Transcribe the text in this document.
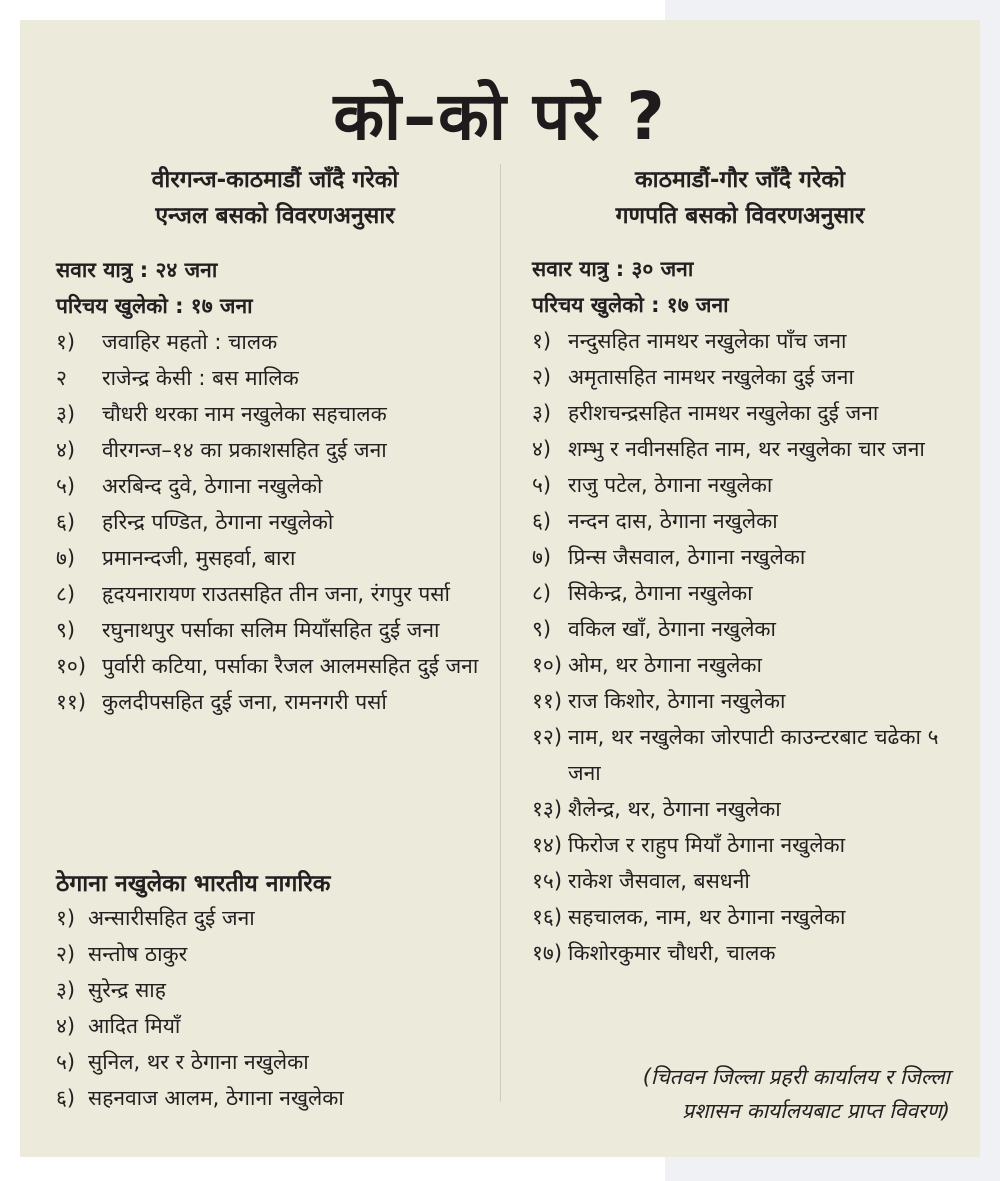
को–को परे ?
वीरगन्ज-काठमाडौं जाँदै गरेको
एन्जल बसको विवरणअनुसार
सवार यात्रु : २४ जना
परिचय खुलेको : १७ जना
१) जवाहिर महतो : चालक
२ राजेन्द्र केसी : बस मालिक
३) चौधरी थरका नाम नखुलेका सहचालक
४) वीरगन्ज–१४ का प्रकाशसहित दुई जना
५) अरबिन्द दुवे, ठेगाना नखुलेको
६) हरिन्द्र पण्डित, ठेगाना नखुलेको
७) प्रमानन्दजी, मुसहर्वा, बारा
८) हृदयनारायण राउतसहित तीन जना, रंगपुर पर्सा
९) रघुनाथपुर पर्साका सलिम मियाँसहित दुई जना
१०) पुर्वारी कटिया, पर्साका रैजल आलमसहित दुई जना
११) कुलदीपसहित दुई जना, रामनगरी पर्सा
ठेगाना नखुलेका भारतीय नागरिक
१) अन्सारीसहित दुई जना
२) सन्तोष ठाकुर
३) सुरेन्द्र साह
४) आदित मियाँ
५) सुनिल, थर र ठेगाना नखुलेका
६) सहनवाज आलम, ठेगाना नखुलेका
काठमाडौं-गौर जाँदै गरेको
गणपति बसको विवरणअनुसार
सवार यात्रु : ३० जना
परिचय खुलेको : १७ जना
१) नन्दुसहित नामथर नखुलेका पाँच जना
२) अमृतासहित नामथर नखुलेका दुई जना
३) हरीशचन्द्रसहित नामथर नखुलेका दुई जना
४) शम्भु र नवीनसहित नाम, थर नखुलेका चार जना
५) राजु पटेल, ठेगाना नखुलेका
६) नन्दन दास, ठेगाना नखुलेका
७) प्रिन्स जैसवाल, ठेगाना नखुलेका
८) सिकेन्द्र, ठेगाना नखुलेका
९) वकिल खाँ, ठेगाना नखुलेका
१०) ओम, थर ठेगाना नखुलेका
११) राज किशोर, ठेगाना नखुलेका
१२) नाम, थर नखुलेका जोरपाटी काउन्टरबाट चढेका ५ जना
१३) शैलेन्द्र, थर, ठेगाना नखुलेका
१४) फिरोज र राहुप मियाँ ठेगाना नखुलेका
१५) राकेश जैसवाल, बसधनी
१६) सहचालक, नाम, थर ठेगाना नखुलेका
१७) किशोरकुमार चौधरी, चालक
(चितवन जिल्ला प्रहरी कार्यालय र जिल्ला
प्रशासन कार्यालयबाट प्राप्त विवरण)
